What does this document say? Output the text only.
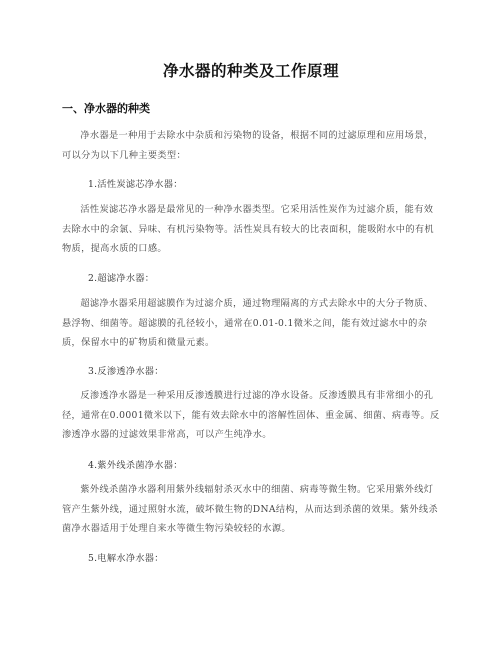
净水器的种类及工作原理
一、净水器的种类
净水器是一种用于去除水中杂质和污染物的设备，根据不同的过滤原理和应用场景，可以分为以下几种主要类型：
1.活性炭滤芯净水器：
活性炭滤芯净水器是最常见的一种净水器类型。它采用活性炭作为过滤介质，能有效去除水中的余氯、异味、有机污染物等。活性炭具有较大的比表面积，能吸附水中的有机物质，提高水质的口感。
2.超滤净水器：
超滤净水器采用超滤膜作为过滤介质，通过物理隔离的方式去除水中的大分子物质、悬浮物、细菌等。超滤膜的孔径较小，通常在0.01-0.1微米之间，能有效过滤水中的杂质，保留水中的矿物质和微量元素。
3.反渗透净水器：
反渗透净水器是一种采用反渗透膜进行过滤的净水设备。反渗透膜具有非常细小的孔径，通常在0.0001微米以下，能有效去除水中的溶解性固体、重金属、细菌、病毒等。反渗透净水器的过滤效果非常高，可以产生纯净水。
4.紫外线杀菌净水器：
紫外线杀菌净水器利用紫外线辐射杀灭水中的细菌、病毒等微生物。它采用紫外线灯管产生紫外线，通过照射水流，破坏微生物的DNA结构，从而达到杀菌的效果。紫外线杀菌净水器适用于处理自来水等微生物污染较轻的水源。
5.电解水净水器：
